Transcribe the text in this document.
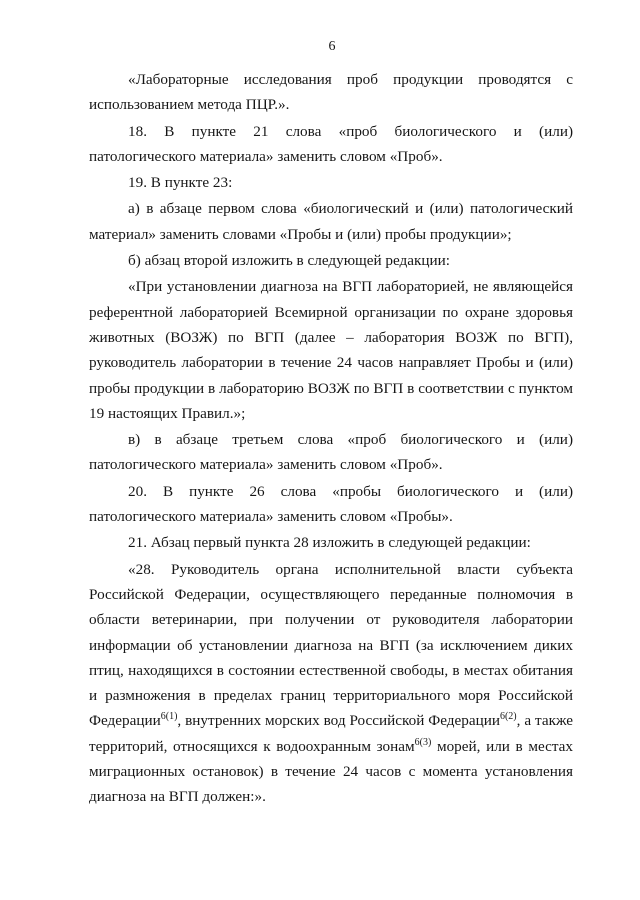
6

«Лабораторные исследования проб продукции проводятся с использованием метода ПЦР.».

18. В пункте 21 слова «проб биологического и (или) патологического материала» заменить словом «Проб».

19. В пункте 23:

а) в абзаце первом слова «биологический и (или) патологический материал» заменить словами «Пробы и (или) пробы продукции»;

б) абзац второй изложить в следующей редакции:

«При установлении диагноза на ВГП лабораторией, не являющейся референтной лабораторией Всемирной организации по охране здоровья животных (ВОЗЖ) по ВГП (далее – лаборатория ВОЗЖ по ВГП), руководитель лаборатории в течение 24 часов направляет Пробы и (или) пробы продукции в лабораторию ВОЗЖ по ВГП в соответствии с пунктом 19 настоящих Правил.»;

в) в абзаце третьем слова «проб биологического и (или) патологического материала» заменить словом «Проб».

20. В пункте 26 слова «пробы биологического и (или) патологического материала» заменить словом «Пробы».

21. Абзац первый пункта 28 изложить в следующей редакции:

«28. Руководитель органа исполнительной власти субъекта Российской Федерации, осуществляющего переданные полномочия в области ветеринарии, при получении от руководителя лаборатории информации об установлении диагноза на ВГП (за исключением диких птиц, находящихся в состоянии естественной свободы, в местах обитания и размножения в пределах границ территориального моря Российской Федерации$^{6(1)}$, внутренних морских вод Российской Федерации$^{6(2)}$, а также территорий, относящихся к водоохранным зонам$^{6(3)}$ морей, или в местах миграционных остановок) в течение 24 часов с момента установления диагноза на ВГП должен:».
